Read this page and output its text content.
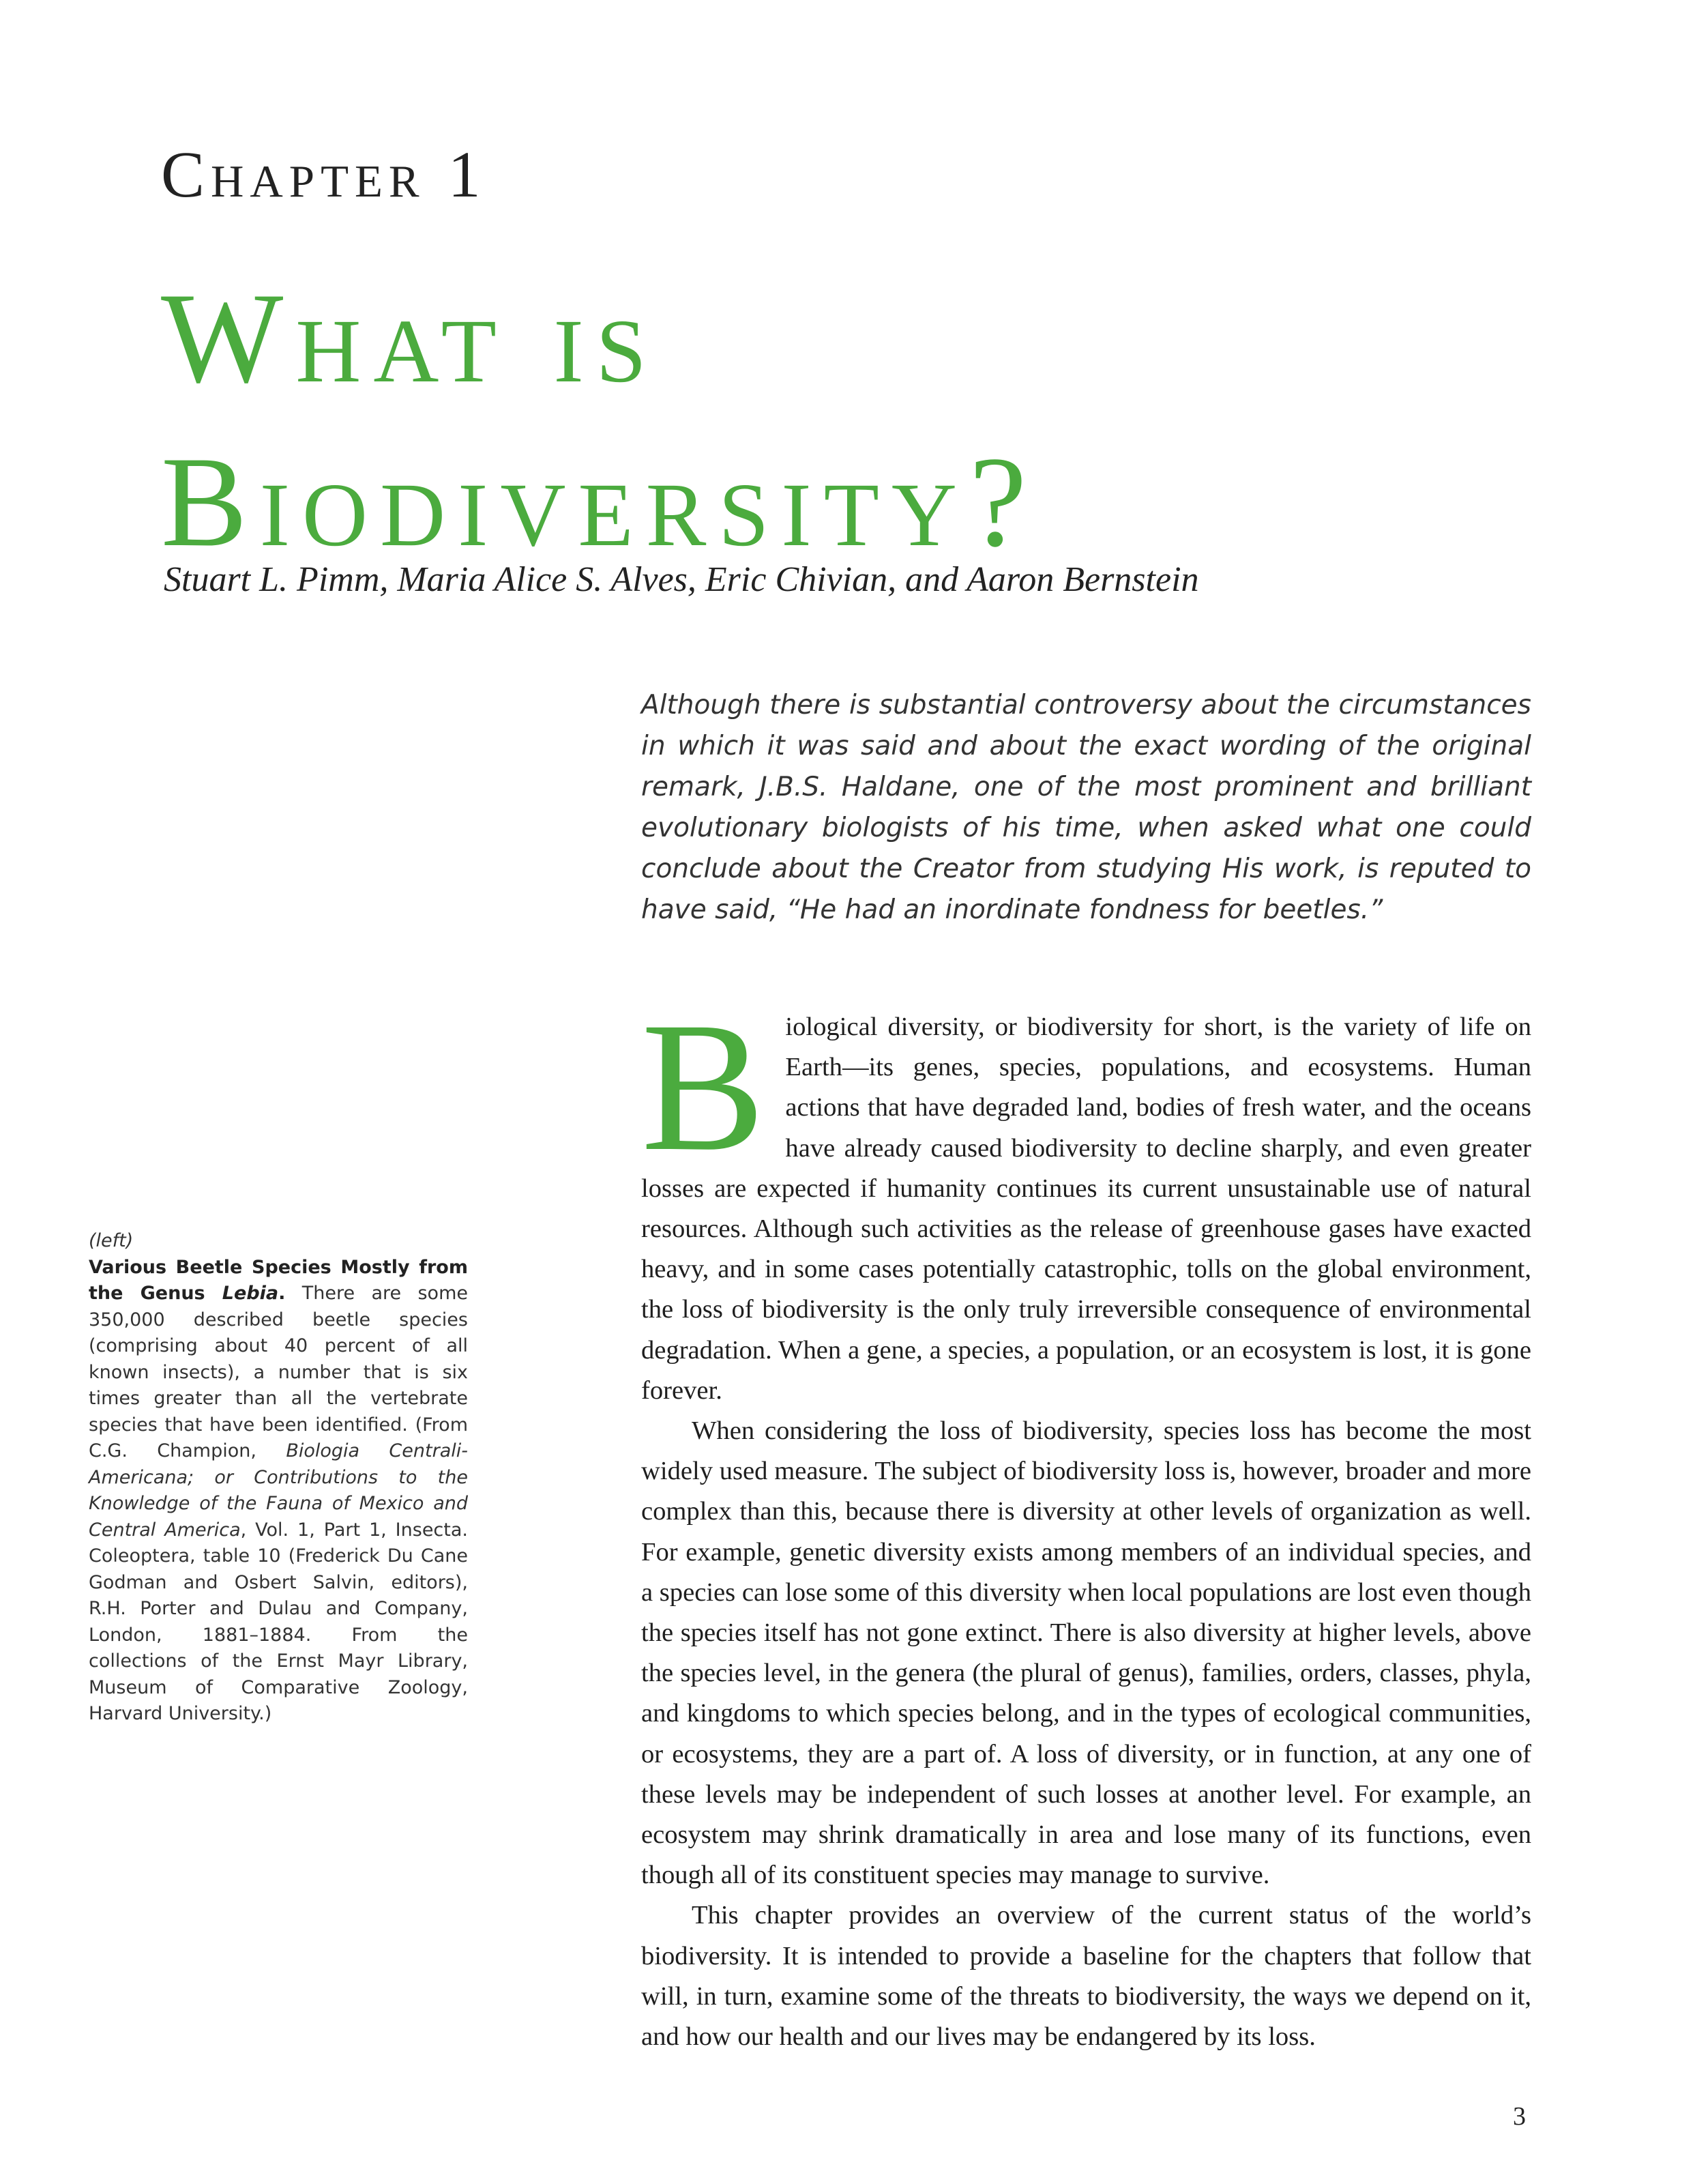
Chapter 1
What is
Biodiversity?
Stuart L. Pimm, Maria Alice S. Alves, Eric Chivian, and Aaron Bernstein
Although there is substantial controversy about the circumstances in which it was said and about the exact wording of the original remark, J.B.S. Haldane, one of the most prominent and brilliant evolutionary biologists of his time, when asked what one could conclude about the Creator from studying His work, is reputed to have said, “He had an inordinate fondness for beetles.”

Biological diversity, or biodiversity for short, is the variety of life on Earth—its genes, species, populations, and ecosystems. Human actions that have degraded land, bodies of fresh water, and the oceans have already caused biodiversity to decline sharply, and even greater losses are expected if humanity continues its current unsustainable use of natural resources. Although such activities as the release of greenhouse gases have exacted heavy, and in some cases potentially catastrophic, tolls on the global environment, the loss of biodiversity is the only truly irreversible consequence of environmental degradation. When a gene, a species, a population, or an ecosystem is lost, it is gone forever.

When considering the loss of biodiversity, species loss has become the most widely used measure. The subject of biodiversity loss is, however, broader and more complex than this, because there is diversity at other levels of organization as well. For example, genetic diversity exists among members of an individual species, and a species can lose some of this diversity when local populations are lost even though the species itself has not gone extinct. There is also diversity at higher levels, above the species level, in the genera (the plural of genus), families, orders, classes, phyla, and kingdoms to which species belong, and in the types of ecological communities, or ecosystems, they are a part of. A loss of diversity, or in function, at any one of these levels may be independent of such losses at another level. For example, an ecosystem may shrink dramatically in area and lose many of its functions, even though all of its constituent species may manage to survive.

This chapter provides an overview of the current status of the world’s biodiversity. It is intended to provide a baseline for the chapters that follow that will, in turn, examine some of the threats to biodiversity, the ways we depend on it, and how our health and our lives may be endangered by its loss.

(left)
Various Beetle Species Mostly from the Genus Lebia. There are some 350,000 described beetle species (comprising about 40 percent of all known insects), a number that is six times greater than all the vertebrate species that have been identified. (From C.G. Champion, Biologia Centrali-Americana; or Contributions to the Knowledge of the Fauna of Mexico and Central America, Vol. 1, Part 1, Insecta. Coleoptera, table 10 (Frederick Du Cane Godman and Osbert Salvin, editors), R.H. Porter and Dulau and Company, London, 1881–1884. From the collections of the Ernst Mayr Library, Museum of Comparative Zoology, Harvard University.)
3
